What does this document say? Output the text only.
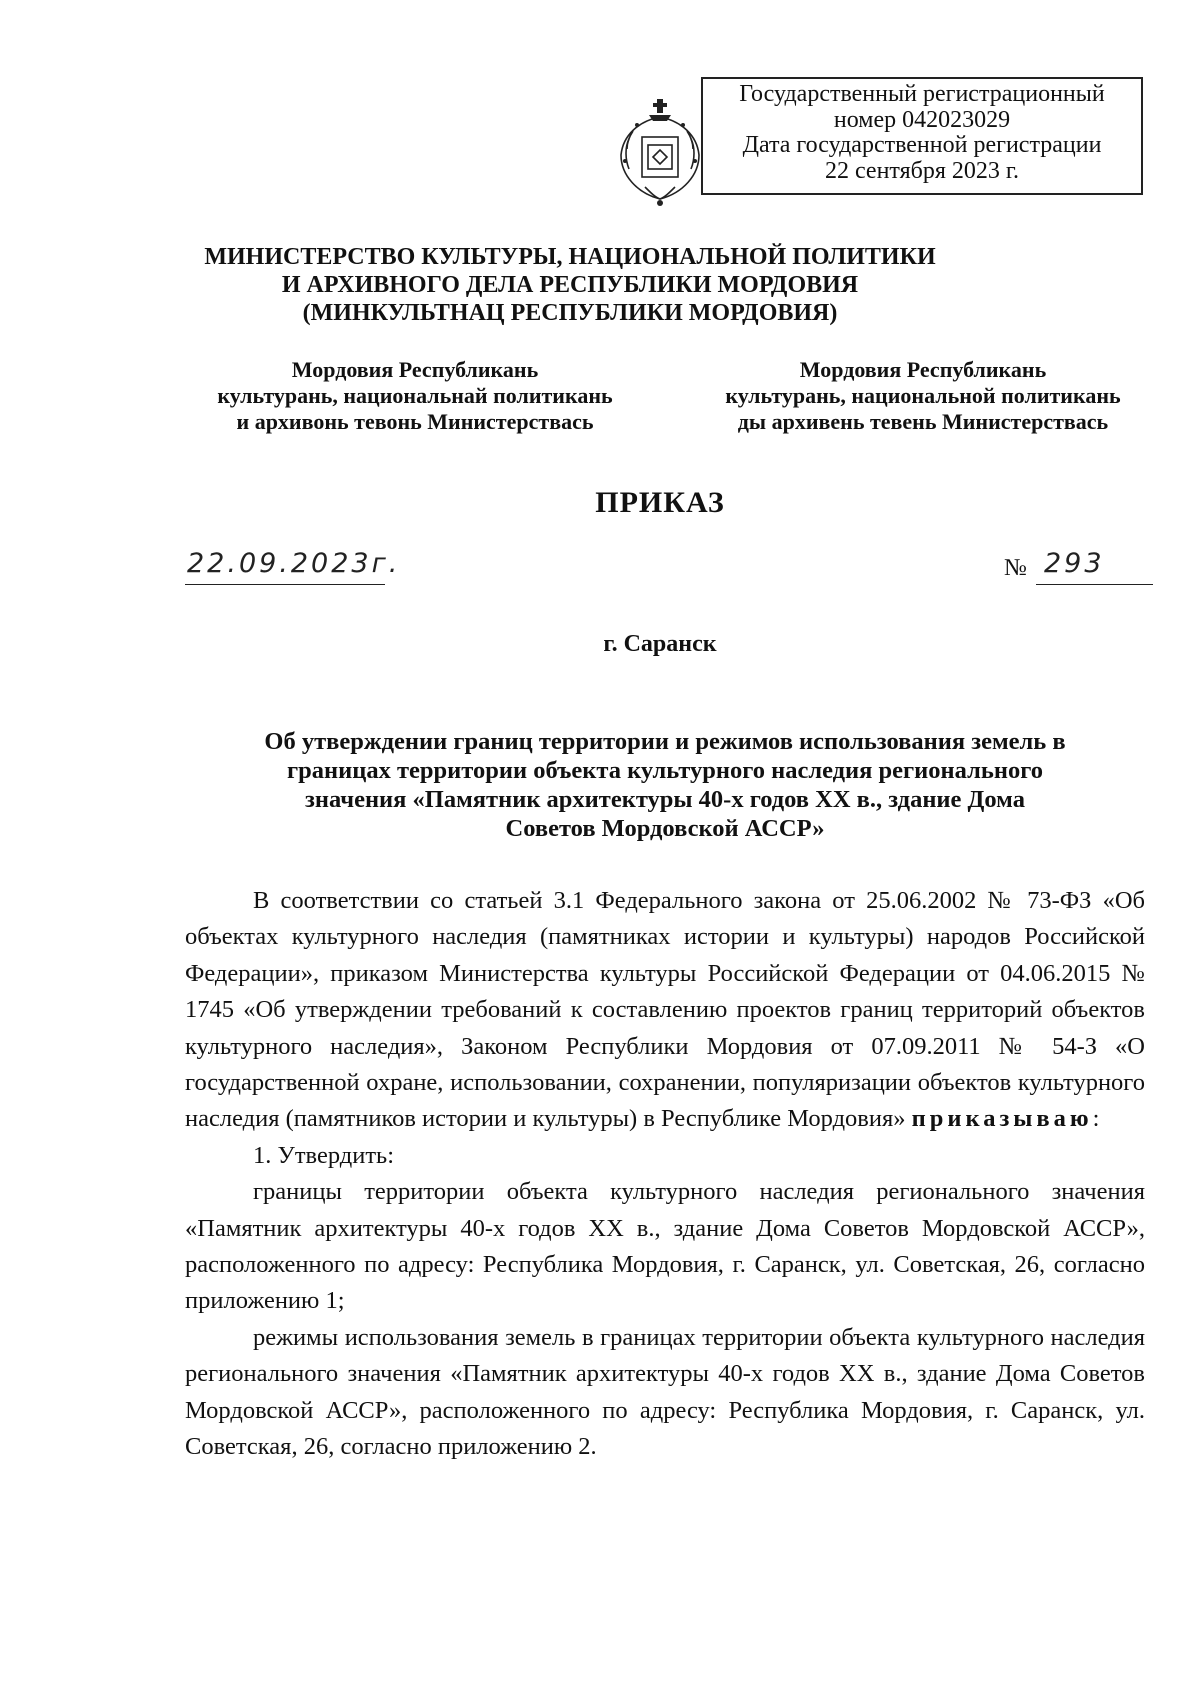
Государственный регистрационный
номер 042023029
Дата государственной регистрации
22 сентября 2023 г.
МИНИСТЕРСТВО КУЛЬТУРЫ, НАЦИОНАЛЬНОЙ ПОЛИТИКИ
И АРХИВНОГО ДЕЛА РЕСПУБЛИКИ МОРДОВИЯ
(МИНКУЛЬТНАЦ РЕСПУБЛИКИ МОРДОВИЯ)
Мордовия Республикань
культурань, национальнай политикань
и архивонь тевонь Министерствась
Мордовия Республикань
культурань, национальной политикань
ды архивень тевень Министерствась
ПРИКАЗ
22.09.2023г.	№ 293
г. Саранск
Об утверждении границ территории и режимов использования земель в
границах территории объекта культурного наследия регионального
значения «Памятник архитектуры 40-х годов XX в., здание Дома
Советов Мордовской АССР»

В соответствии со статьей 3.1 Федерального закона от 25.06.2002 № 73-ФЗ «Об объектах культурного наследия (памятниках истории и культуры) народов Российской Федерации», приказом Министерства культуры Российской Федерации от 04.06.2015 № 1745 «Об утверждении требований к составлению проектов границ территорий объектов культурного наследия», Законом Республики Мордовия от 07.09.2011 № 54-З «О государственной охране, использовании, сохранении, популяризации объектов культурного наследия (памятников истории и культуры) в Республике Мордовия» приказываю:

1. Утвердить:

границы территории объекта культурного наследия регионального значения «Памятник архитектуры 40-х годов XX в., здание Дома Советов Мордовской АССР», расположенного по адресу: Республика Мордовия, г. Саранск, ул. Советская, 26, согласно приложению 1;

режимы использования земель в границах территории объекта культурного наследия регионального значения «Памятник архитектуры 40-х годов XX в., здание Дома Советов Мордовской АССР», расположенного по адресу: Республика Мордовия, г. Саранск, ул. Советская, 26, согласно приложению 2.
